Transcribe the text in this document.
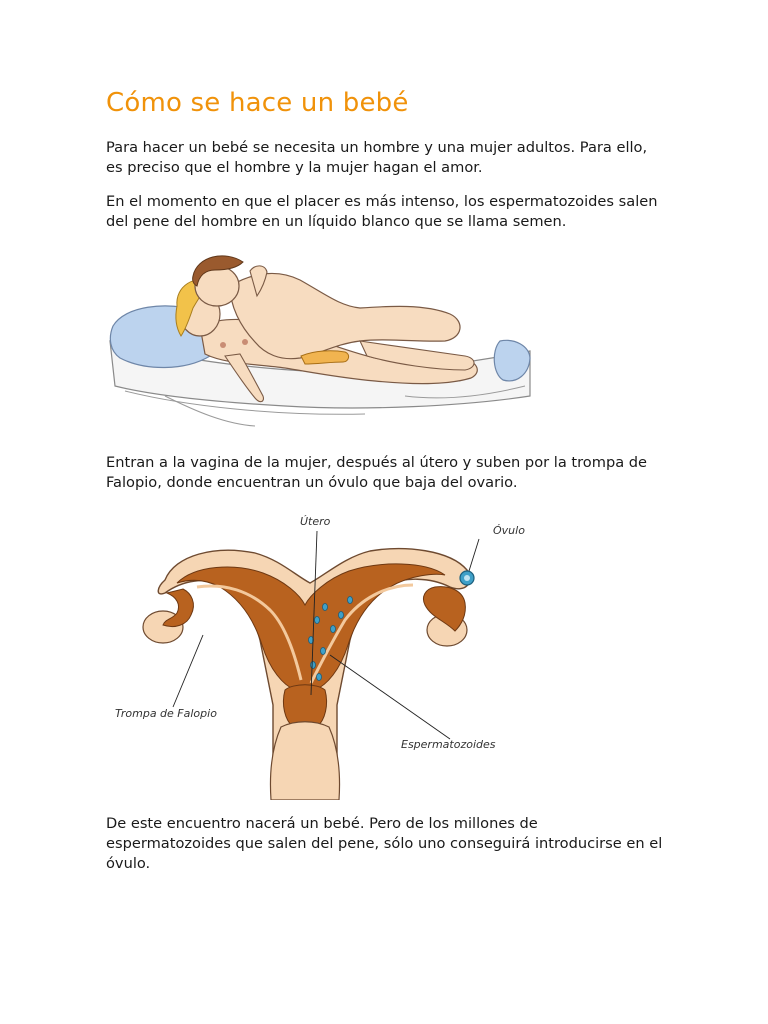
Cómo se hace un bebé

Para hacer un bebé se necesita un hombre y una mujer adultos. Para ello, es preciso que el hombre y la mujer hagan el amor.

En el momento en que el placer es más intenso, los espermatozoides salen del pene del hombre en un líquido blanco que se llama semen.

Entran a la vagina de la mujer, después al útero y suben por la trompa de Falopio, donde encuentran un óvulo que baja del ovario.

Útero
Óvulo
Trompa de Falopio
Espermatozoides

De este encuentro nacerá un bebé. Pero de los millones de espermatozoides que salen del pene, sólo uno conseguirá introducirse en el óvulo.
